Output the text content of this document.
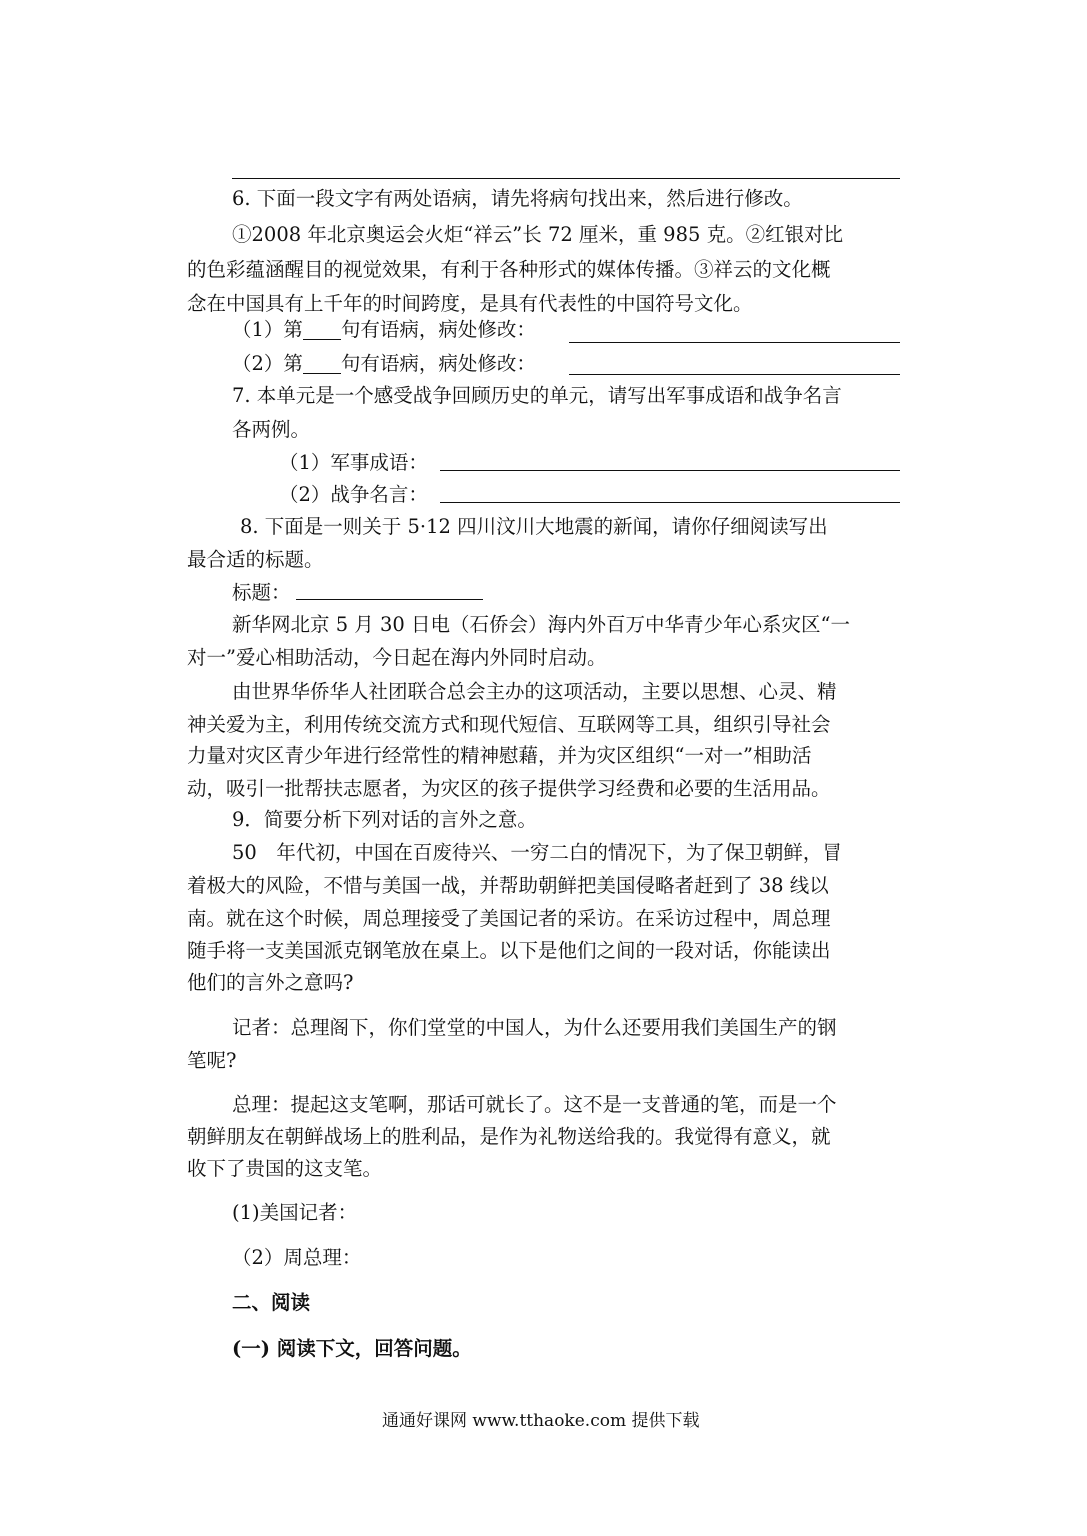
6. 下面一段文字有两处语病，请先将病句找出来，然后进行修改。
①2008 年北京奥运会火炬“祥云”长 72 厘米，重 985 克。②红银对比
的色彩蕴涵醒目的视觉效果，有利于各种形式的媒体传播。③祥云的文化概
念在中国具有上千年的时间跨度，是具有代表性的中国符号文化。
（1）第 句有语病，病处修改：
（2）第 句有语病，病处修改：
7. 本单元是一个感受战争回顾历史的单元，请写出军事成语和战争名言
各两例。
（1）军事成语：
（2）战争名言：
8. 下面是一则关于 5·12 四川汶川大地震的新闻，请你仔细阅读写出
最合适的标题。
标题：
新华网北京 5 月 30 日电（石侨会）海内外百万中华青少年心系灾区“一
对一”爱心相助活动，今日起在海内外同时启动。
由世界华侨华人社团联合总会主办的这项活动，主要以思想、心灵、精
神关爱为主，利用传统交流方式和现代短信、互联网等工具，组织引导社会
力量对灾区青少年进行经常性的精神慰藉，并为灾区组织“一对一”相助活
动，吸引一批帮扶志愿者，为灾区的孩子提供学习经费和必要的生活用品。
9．简要分析下列对话的言外之意。
50　年代初，中国在百废待兴、一穷二白的情况下，为了保卫朝鲜，冒
着极大的风险，不惜与美国一战，并帮助朝鲜把美国侵略者赶到了 38 线以
南。就在这个时候，周总理接受了美国记者的采访。在采访过程中，周总理
随手将一支美国派克钢笔放在桌上。以下是他们之间的一段对话，你能读出
他们的言外之意吗?
记者：总理阁下，你们堂堂的中国人，为什么还要用我们美国生产的钢
笔呢?
总理：提起这支笔啊，那话可就长了。这不是一支普通的笔，而是一个
朝鲜朋友在朝鲜战场上的胜利品，是作为礼物送给我的。我觉得有意义，就
收下了贵国的这支笔。
(1)美国记者：
（2）周总理：
二、阅读
(一) 阅读下文，回答问题。
通通好课网 www.tthaoke.com 提供下载
